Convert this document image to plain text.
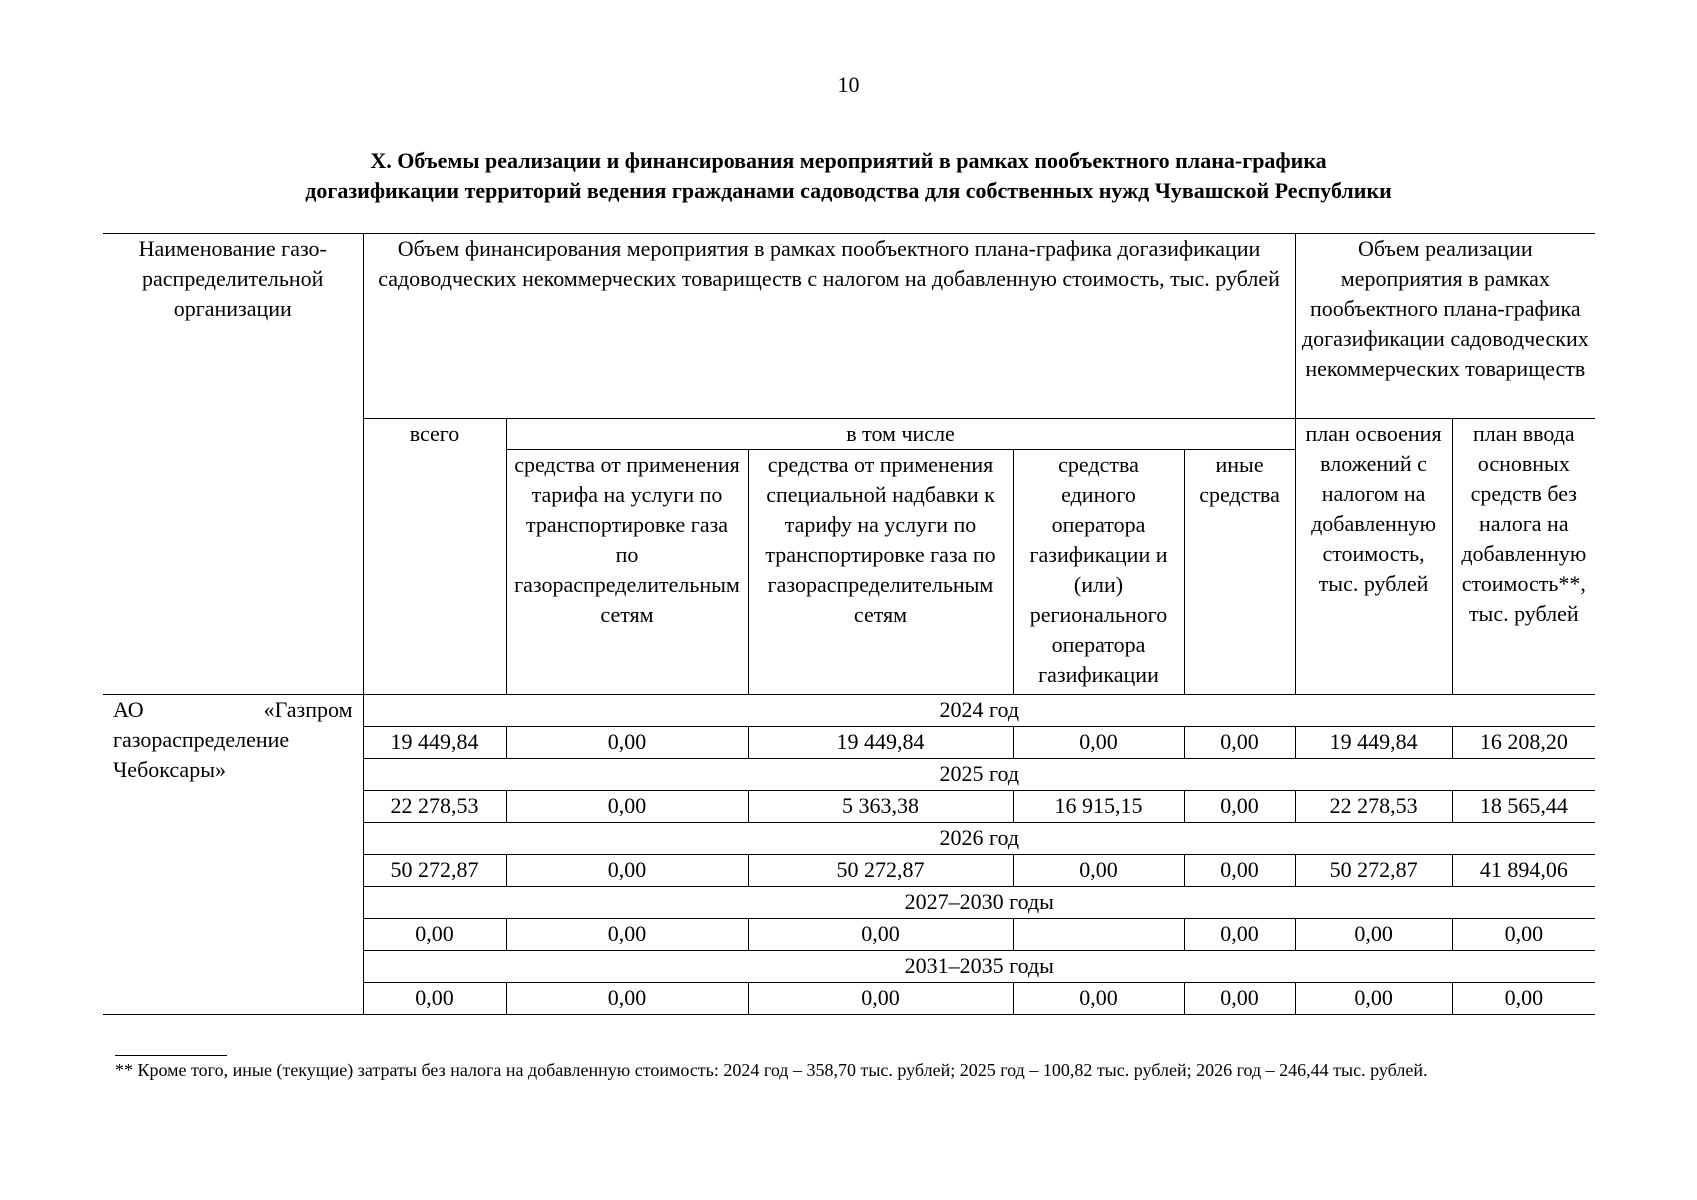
10
X. Объемы реализации и финансирования мероприятий в рамках пообъектного плана-графика
догазификации территорий ведения гражданами садоводства для собственных нужд Чувашской Республики
Наименование газо-распределительной организации	Объем финансирования мероприятия в рамках пообъектного плана-графика догазификации садоводческих некоммерческих товариществ с налогом на добавленную стоимость, тыс. рублей					Объем реализации мероприятия в рамках пообъектного плана-графика догазификации садоводческих некоммерческих товариществ	
	всего	в том числе				план освоения вложений с налогом на добавленную стоимость, тыс. рублей	план ввода основных средств без налога на добавленную стоимость**, тыс. рублей
		средства от применения тарифа на услуги по транспортировке газа по газораспределительным сетям	средства от применения специальной надбавки к тарифу на услуги по транспортировке газа по газораспределительным сетям	средства единого оператора газификации и (или) регионального оператора газификации	иные средства		
АО «Газпром газораспределение Чебоксары»	2024 год						
	19 449,84	0,00	19 449,84	0,00	0,00	19 449,84	16 208,20
	2025 год						
	22 278,53	0,00	5 363,38	16 915,15	0,00	22 278,53	18 565,44
	2026 год						
	50 272,87	0,00	50 272,87	0,00	0,00	50 272,87	41 894,06
	2027–2030 годы						
	0,00	0,00	0,00		0,00	0,00	0,00
	2031–2035 годы						
	0,00	0,00	0,00	0,00	0,00	0,00	0,00
** Кроме того, иные (текущие) затраты без налога на добавленную стоимость: 2024 год – 358,70 тыс. рублей; 2025 год – 100,82 тыс. рублей; 2026 год – 246,44 тыс. рублей.
